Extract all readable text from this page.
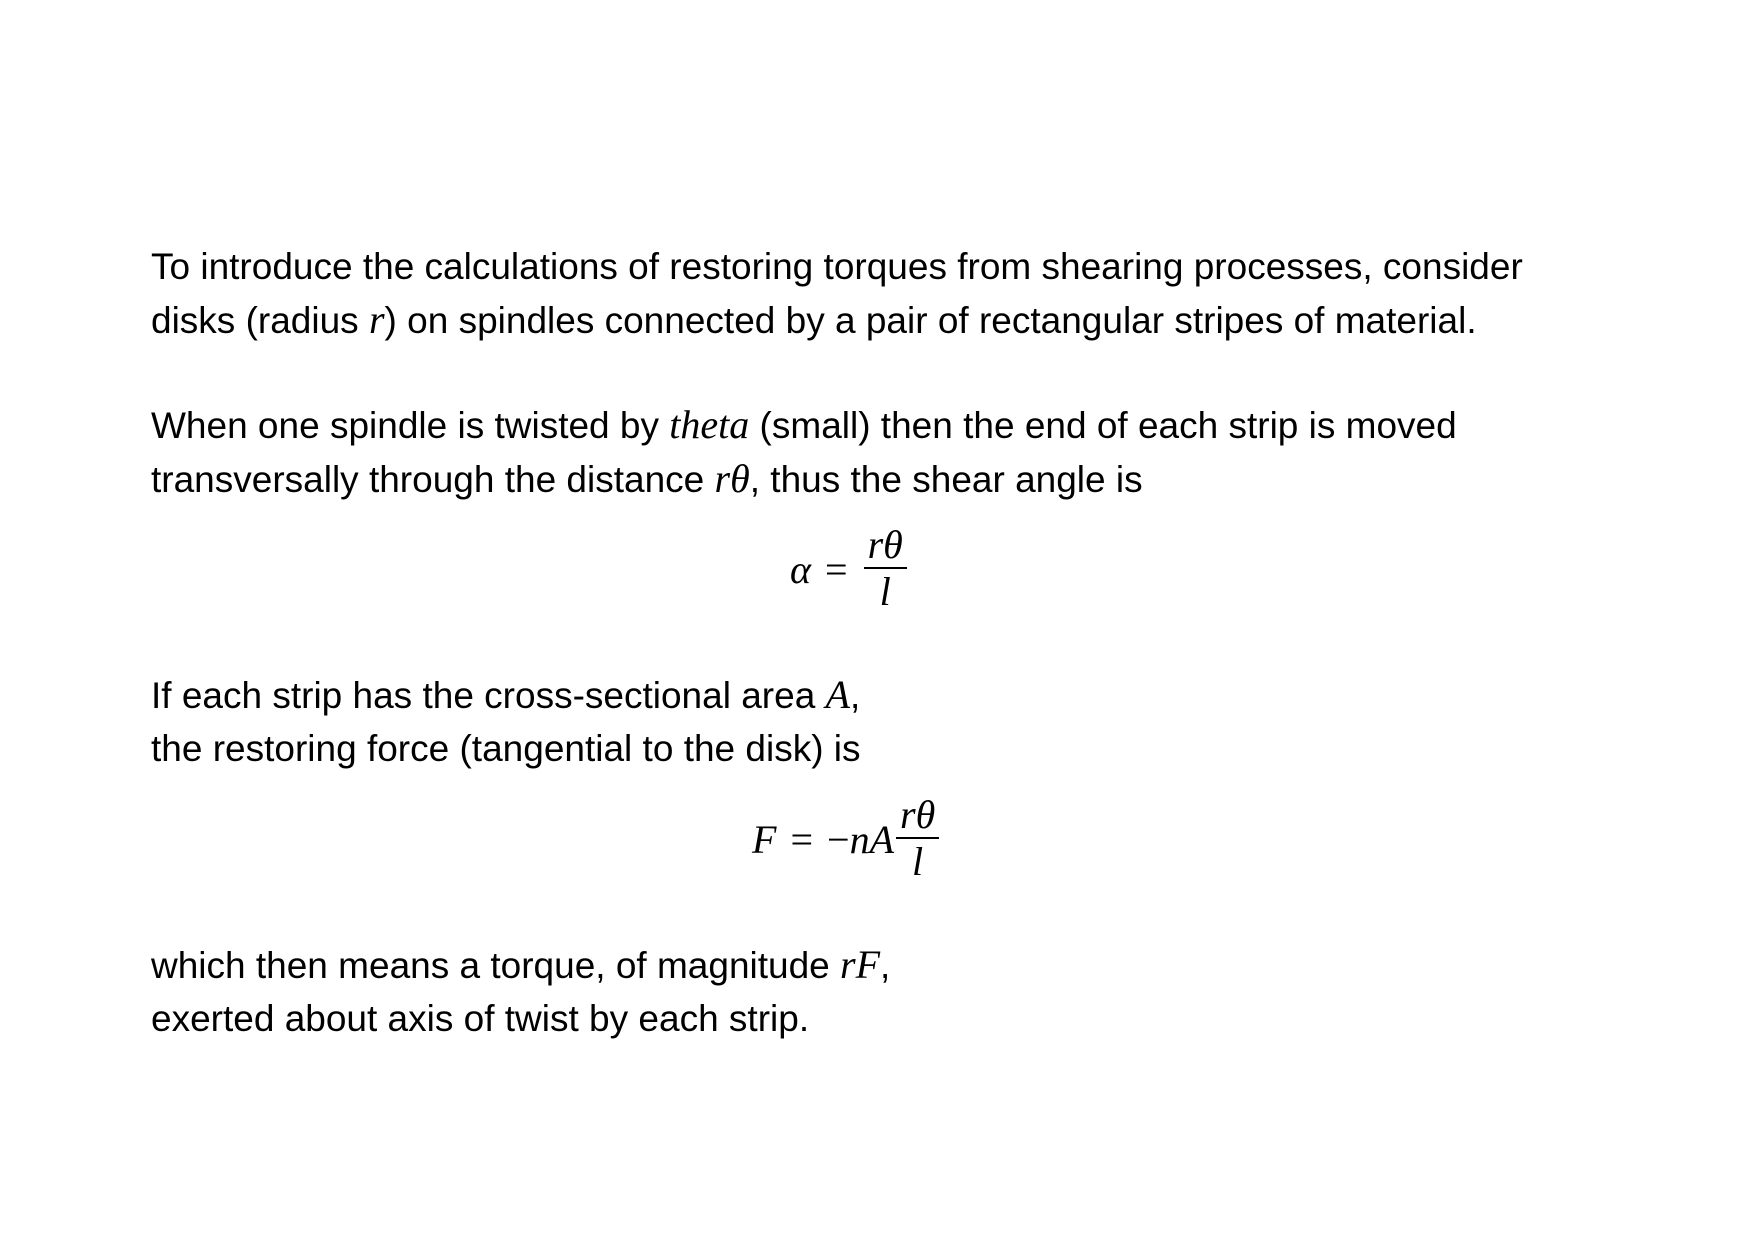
To introduce the calculations of restoring torques from shearing processes, consider
disks (radius r) on spindles connected by a pair of rectangular stripes of material.
When one spindle is twisted by theta (small) then the end of each strip is moved
transversally through the distance rθ, thus the shear angle is
$\alpha = \frac{r\theta}{l}$
If each strip has the cross-sectional area A,
the restoring force (tangential to the disk) is
F = − nA $\frac{r\theta}{l}$
which then means a torque, of magnitude rF,
exerted about axis of twist by each strip.
